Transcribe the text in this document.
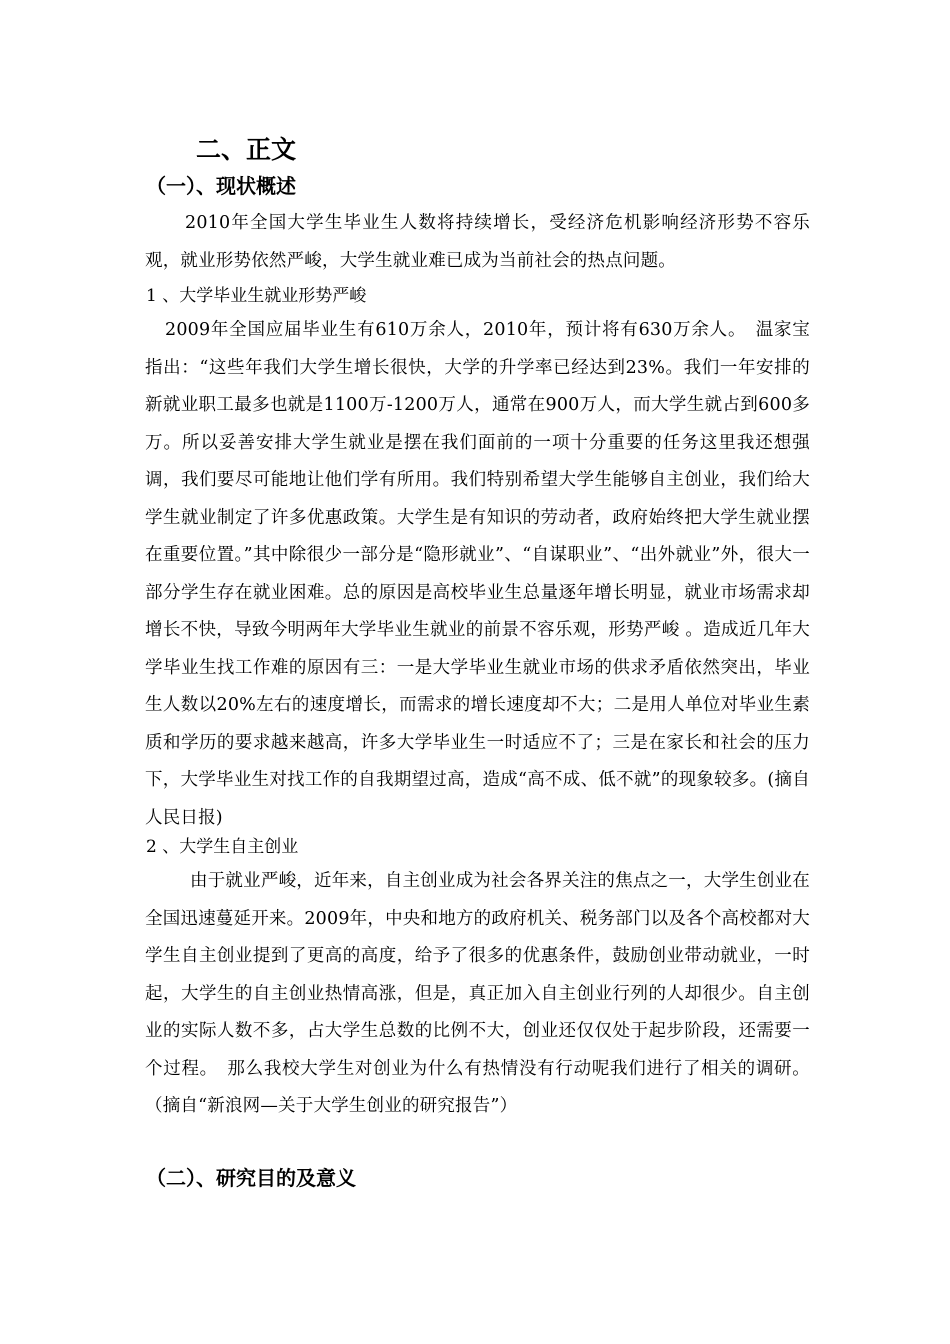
二、正文
（一）、现状概述
2010年全国大学生毕业生人数将持续增长，受经济危机影响经济形势不容乐观，就业形势依然严峻，大学生就业难已成为当前社会的热点问题。
1 、大学毕业生就业形势严峻
2009年全国应届毕业生有610万余人，2010年，预计将有630万余人。　温家宝指出：“这些年我们大学生增长很快，大学的升学率已经达到23%。我们一年安排的新就业职工最多也就是1100万-1200万人，通常在900万人，而大学生就占到600多万。所以妥善安排大学生就业是摆在我们面前的一项十分重要的任务这里我还想强调，我们要尽可能地让他们学有所用。我们特别希望大学生能够自主创业，我们给大学生就业制定了许多优惠政策。大学生是有知识的劳动者，政府始终把大学生就业摆在重要位置。”其中除很少一部分是“隐形就业”、“自谋职业”、“出外就业”外，很大一部分学生存在就业困难。总的原因是高校毕业生总量逐年增长明显，就业市场需求却增长不快，导致今明两年大学毕业生就业的前景不容乐观，形势严峻 。造成近几年大学毕业生找工作难的原因有三：一是大学毕业生就业市场的供求矛盾依然突出，毕业生人数以20%左右的速度增长，而需求的增长速度却不大；二是用人单位对毕业生素质和学历的要求越来越高，许多大学毕业生一时适应不了；三是在家长和社会的压力下，大学毕业生对找工作的自我期望过高，造成“高不成、低不就”的现象较多。(摘自人民日报)
2 、大学生自主创业
由于就业严峻，近年来，自主创业成为社会各界关注的焦点之一，大学生创业在全国迅速蔓延开来。2009年，中央和地方的政府机关、税务部门以及各个高校都对大学生自主创业提到了更高的高度，给予了很多的优惠条件，鼓励创业带动就业，一时起，大学生的自主创业热情高涨，但是，真正加入自主创业行列的人却很少。自主创业的实际人数不多，占大学生总数的比例不大，创业还仅仅处于起步阶段，还需要一个过程。　那么我校大学生对创业为什么有热情没有行动呢我们进行了相关的调研。（摘自“新浪网—关于大学生创业的研究报告”）
（二）、研究目的及意义
